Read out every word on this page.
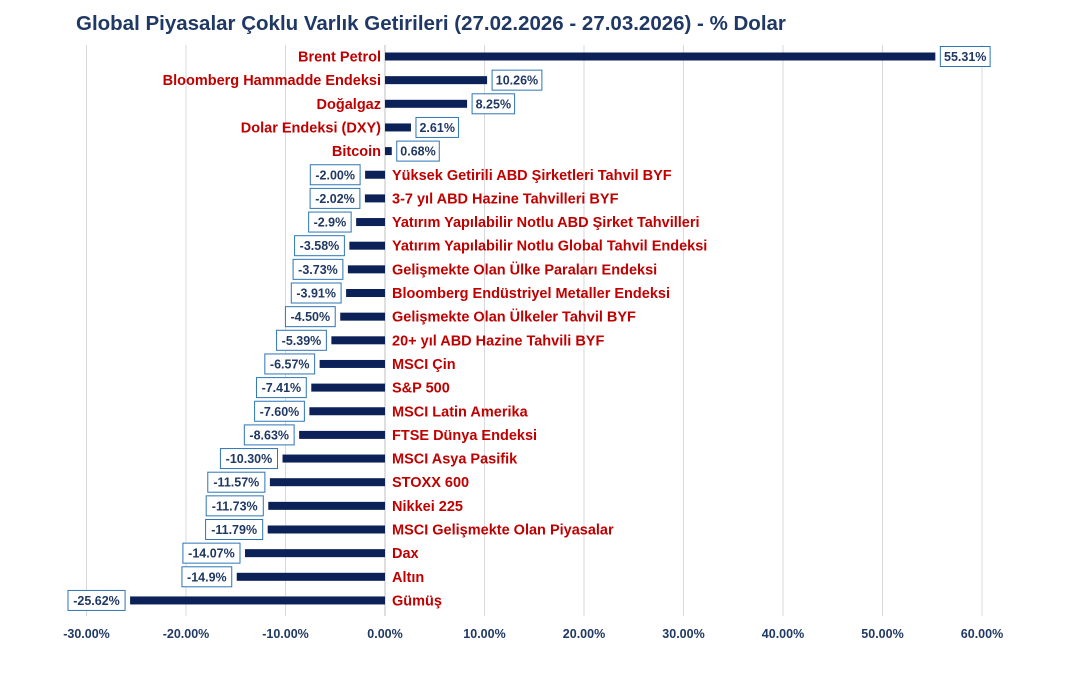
Global Piyasalar Çoklu Varlık Getirileri (27.02.2026 - 27.03.2026) - % Dolar
Brent Petrol
Bloomberg Hammadde Endeksi
Doğalgaz
Dolar Endeksi (DXY)
Bitcoin
Yüksek Getirili ABD Şirketleri Tahvil BYF
3-7 yıl ABD Hazine Tahvilleri BYF
Yatırım Yapılabilir Notlu ABD Şirket Tahvilleri
Yatırım Yapılabilir Notlu Global Tahvil Endeksi
Gelişmekte Olan Ülke Paraları Endeksi
Bloomberg Endüstriyel Metaller Endeksi
Gelişmekte Olan Ülkeler Tahvil BYF
20+ yıl ABD Hazine Tahvili BYF
MSCI Çin
S&P 500
MSCI Latin Amerika
FTSE Dünya Endeksi
MSCI Asya Pasifik
STOXX 600
Nikkei 225
MSCI Gelişmekte Olan Piyasalar
Dax
Altın
Gümüş
55.31%
10.26%
8.25%
2.61%
0.68%
-2.00%
-2.02%
-2.9%
-3.58%
-3.73%
-3.91%
-4.50%
-5.39%
-6.57%
-7.41%
-7.60%
-8.63%
-10.30%
-11.57%
-11.73%
-11.79%
-14.07%
-14.9%
-25.62%
-30.00%	-20.00%	-10.00%	0.00%	10.00%	20.00%	30.00%	40.00%	50.00%	60.00%
